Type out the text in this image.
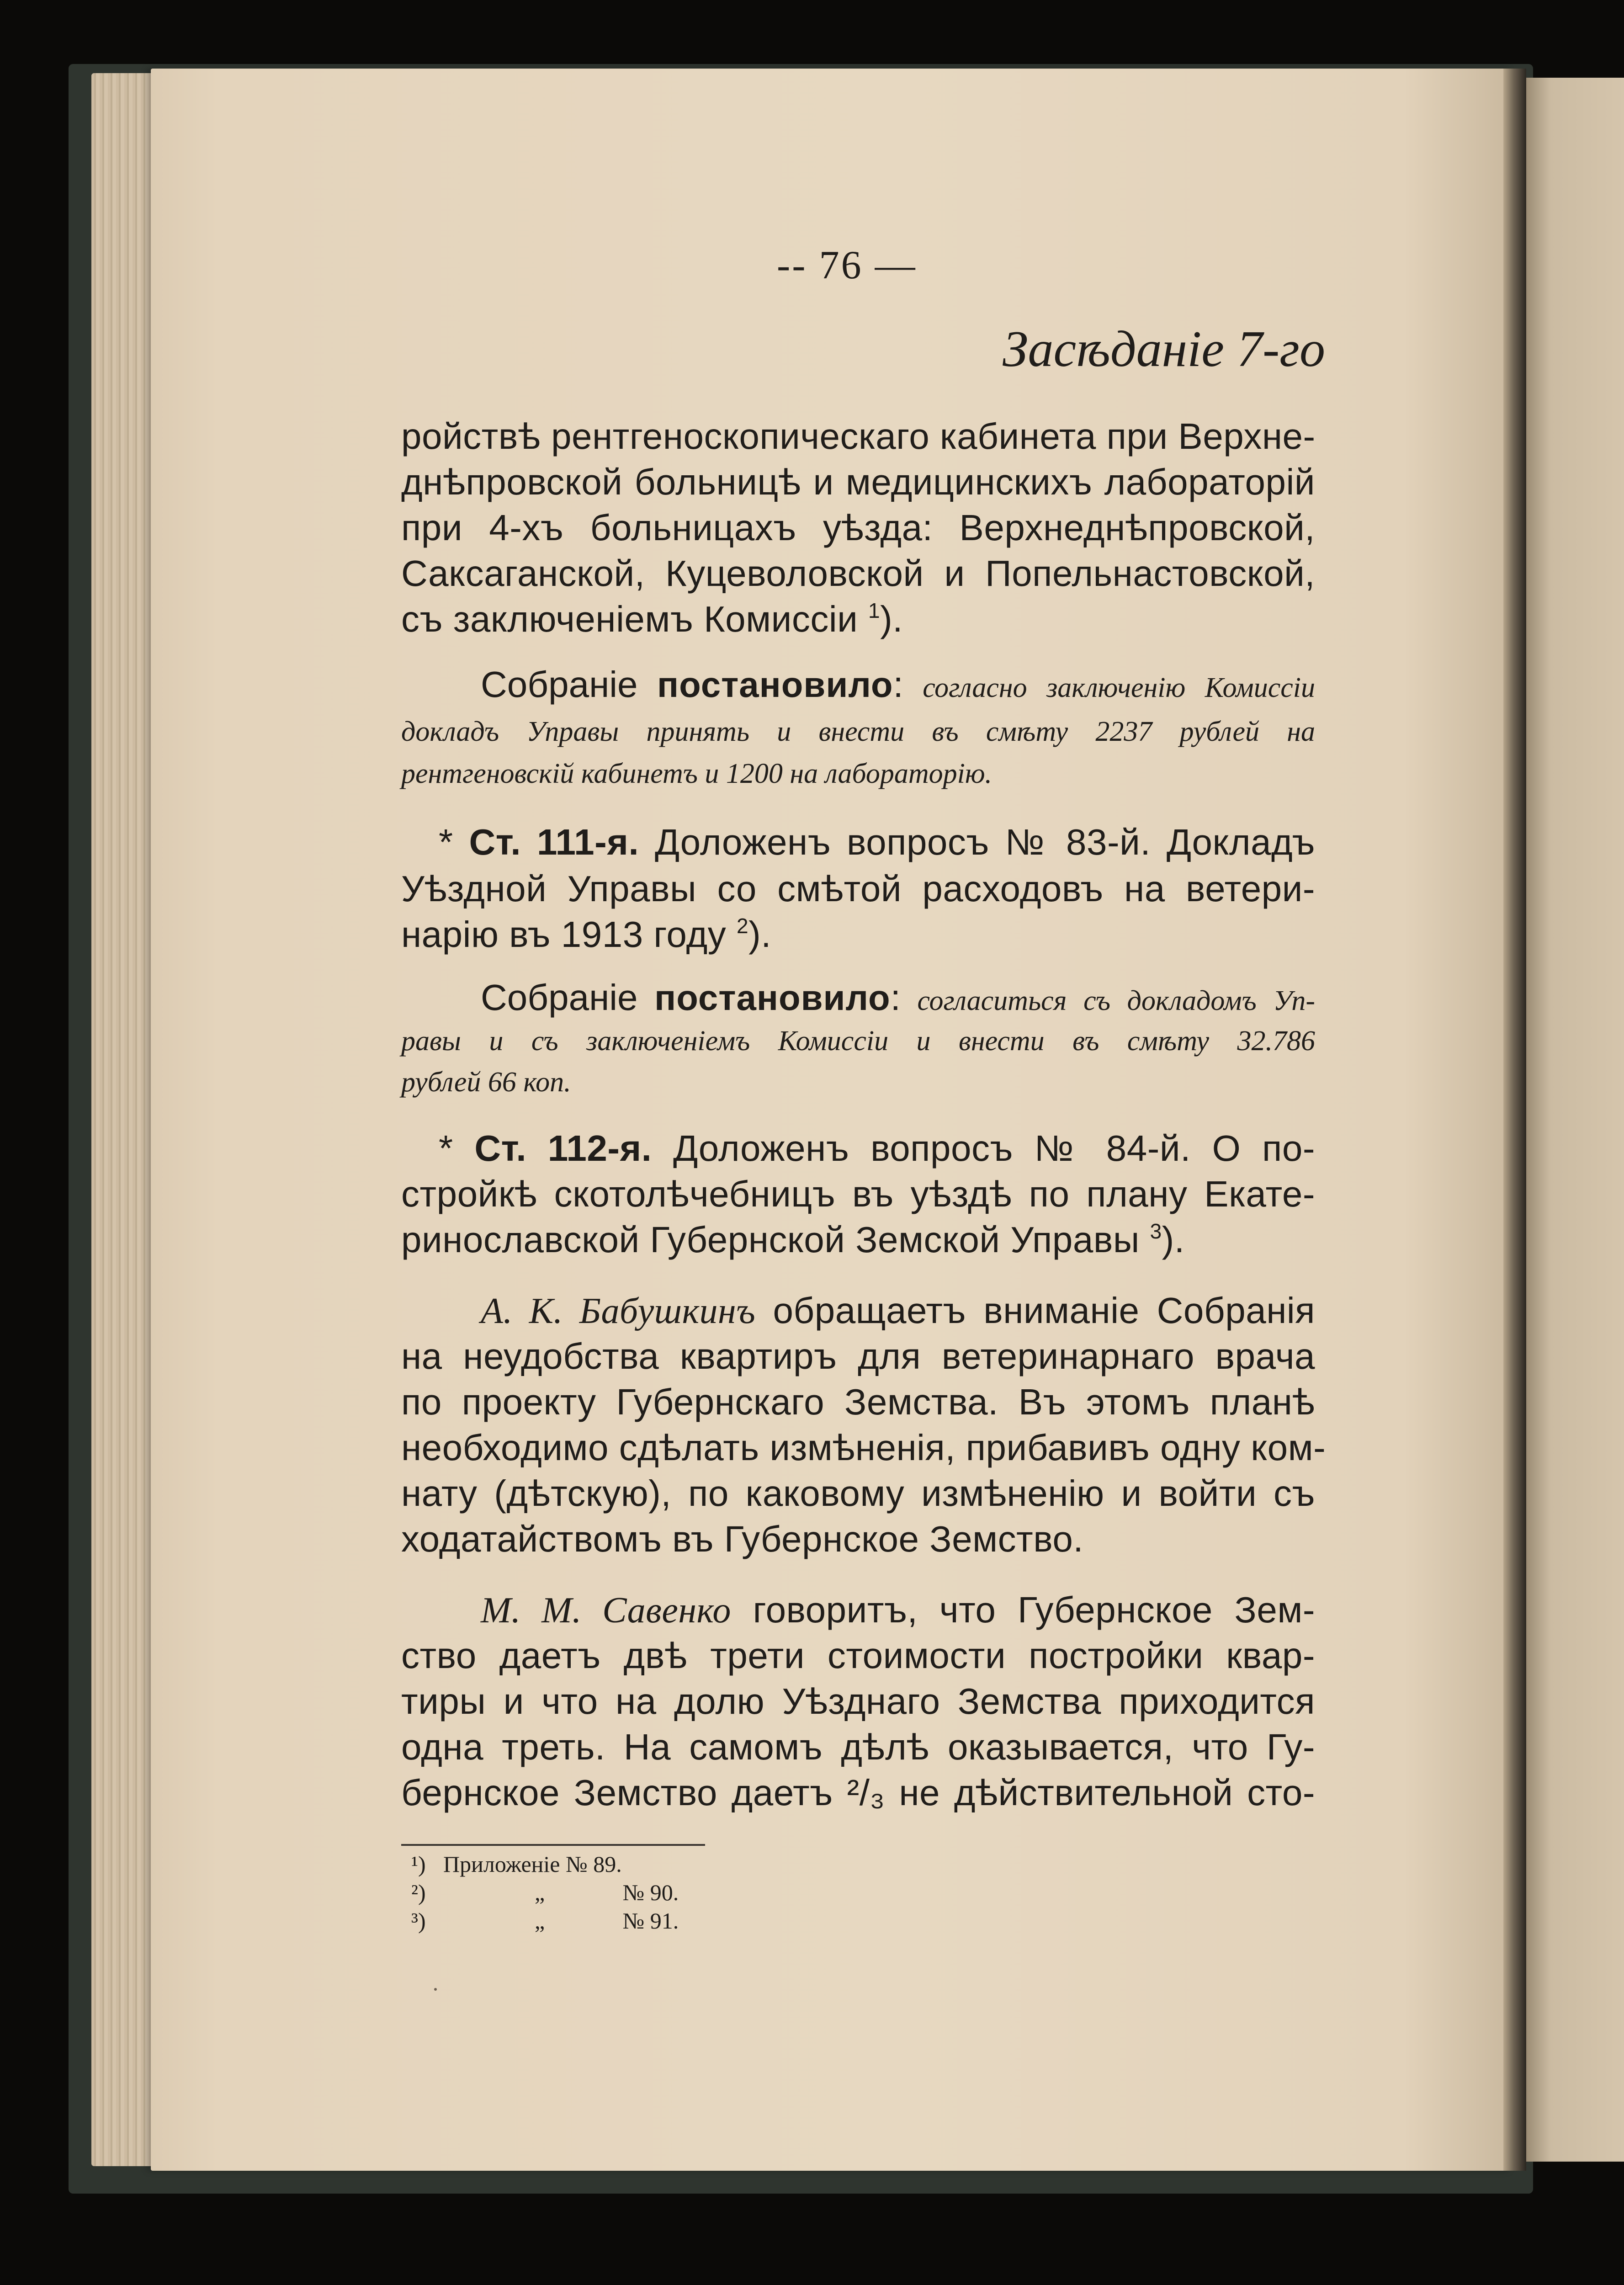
-- 76 —
Засѣданіе 7-го
ройствѣ рентгеноскопическаго кабинета при Верхне-
днѣпровской больницѣ и медицинскихъ лабораторій
при 4-хъ больницахъ уѣзда: Верхнеднѣпровской,
Саксаганской, Куцеволовской и Попельнастовской,
съ заключеніемъ Комиссіи $^1$).
Собраніе постановило: согласно заключенію Комиссіи
докладъ Управы принять и внести въ смѣту 2237 рублей на
рентгеновскій кабинетъ и 1200 на лабораторію.
* Ст. 111-я. Доложенъ вопросъ № 83-й. Докладъ
Уѣздной Управы со смѣтой расходовъ на ветери-
нарію въ 1913 году $^2$).
Собраніе постановило: согласиться съ докладомъ Уп-
равы и съ заключеніемъ Комиссіи и внести въ смѣту 32.786
рублей 66 коп.
* Ст. 112-я. Доложенъ вопросъ № 84-й. О по-
стройкѣ скотолѣчебницъ въ уѣздѣ по плану Екате-
ринославской Губернской Земской Управы $^3$).
А. К. Бабушкинъ обращаетъ вниманіе Собранія
на неудобства квартиръ для ветеринарнаго врача
по проекту Губернскаго Земства. Въ этомъ планѣ
необходимо сдѣлать измѣненія, прибавивъ одну ком-
нату (дѣтскую), по каковому измѣненію и войти съ
ходатайствомъ въ Губернское Земство.
М. М. Савенко говоритъ, что Губернское Зем-
ство даетъ двѣ трети стоимости постройки квар-
тиры и что на долю Уѣзднаго Земства приходится
одна треть. На самомъ дѣлѣ оказывается, что Гу-
бернское Земство даетъ ²/₃ не дѣйствительной сто-
¹) Приложеніе № 89.
²)	„	№ 90.
³)	„	№ 91.
